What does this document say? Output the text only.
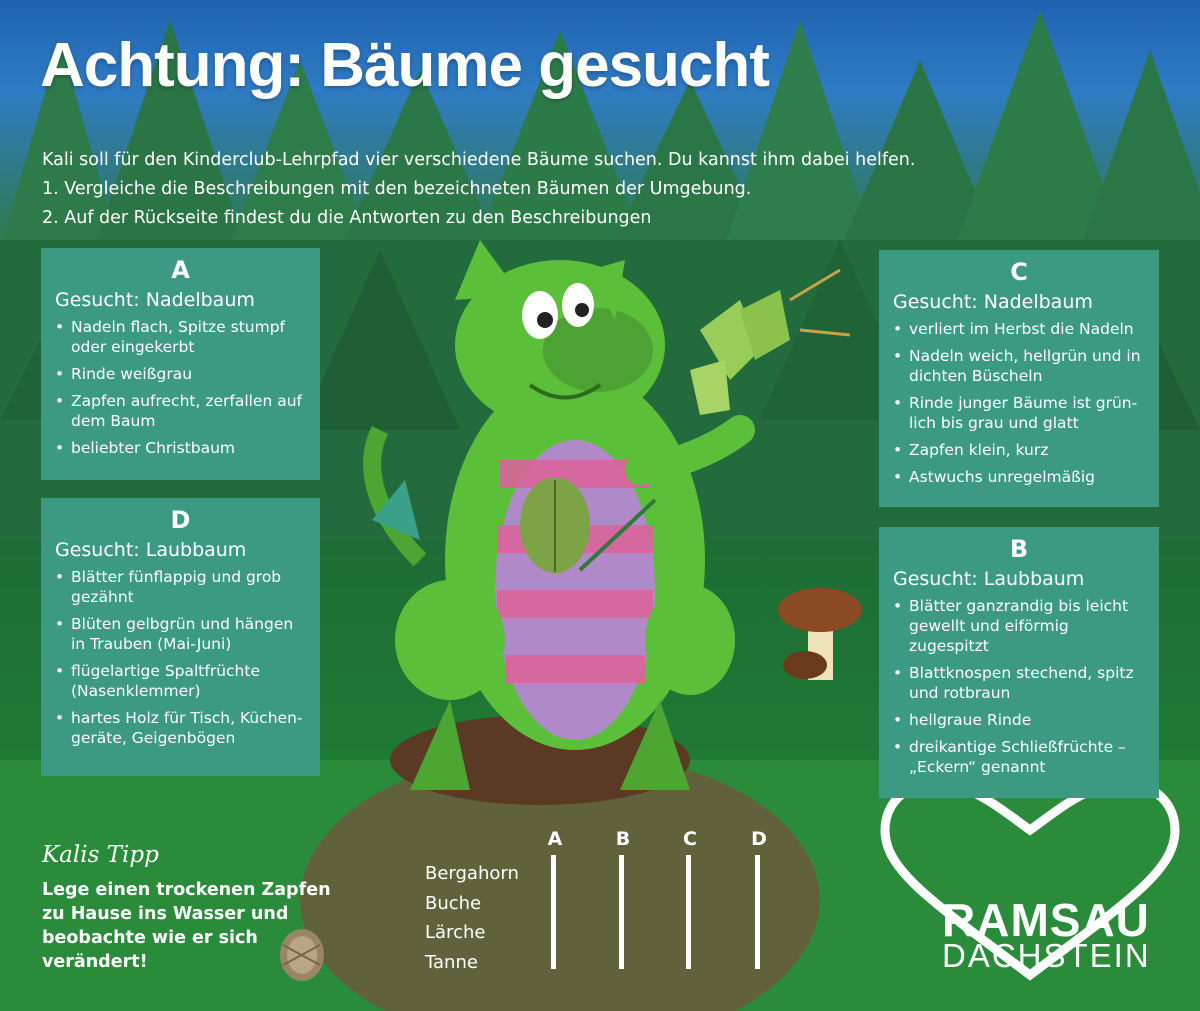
Achtung: Bäume gesucht
Kali soll für den Kinderclub-Lehrpfad vier verschiedene Bäume suchen. Du kannst ihm dabei helfen.
1. Vergleiche die Beschreibungen mit den bezeichneten Bäumen der Umgebung.
2. Auf der Rückseite findest du die Antworten zu den Beschreibungen
A
Gesucht: Nadelbaum
• Nadeln flach, Spitze stumpf oder eingekerbt
• Rinde weißgrau
• Zapfen aufrecht, zerfallen auf dem Baum
• beliebter Christbaum
D
Gesucht: Laubbaum
• Blätter fünflappig und grob gezähnt
• Blüten gelbgrün und hängen in Trauben (Mai-Juni)
• flügelartige Spaltfrüchte (Nasenklemmer)
• hartes Holz für Tisch, Küchengeräte, Geigenbögen
C
Gesucht: Nadelbaum
• verliert im Herbst die Nadeln
• Nadeln weich, hellgrün und in dichten Büscheln
• Rinde junger Bäume ist grünlich bis grau und glatt
• Zapfen klein, kurz
• Astwuchs unregelmäßig
B
Gesucht: Laubbaum
• Blätter ganzrandig bis leicht gewellt und eiförmig zugespitzt
• Blattknospen stechend, spitz und rotbraun
• hellgraue Rinde
• dreikantige Schließfrüchte – „Eckern“ genannt
Kalis Tipp
Lege einen trockenen Zapfen zu Hause ins Wasser und beobachte wie er sich verändert!
A	B	C	D
Bergahorn
Buche
Lärche
Tanne
RAMSAU
DACHSTEIN
